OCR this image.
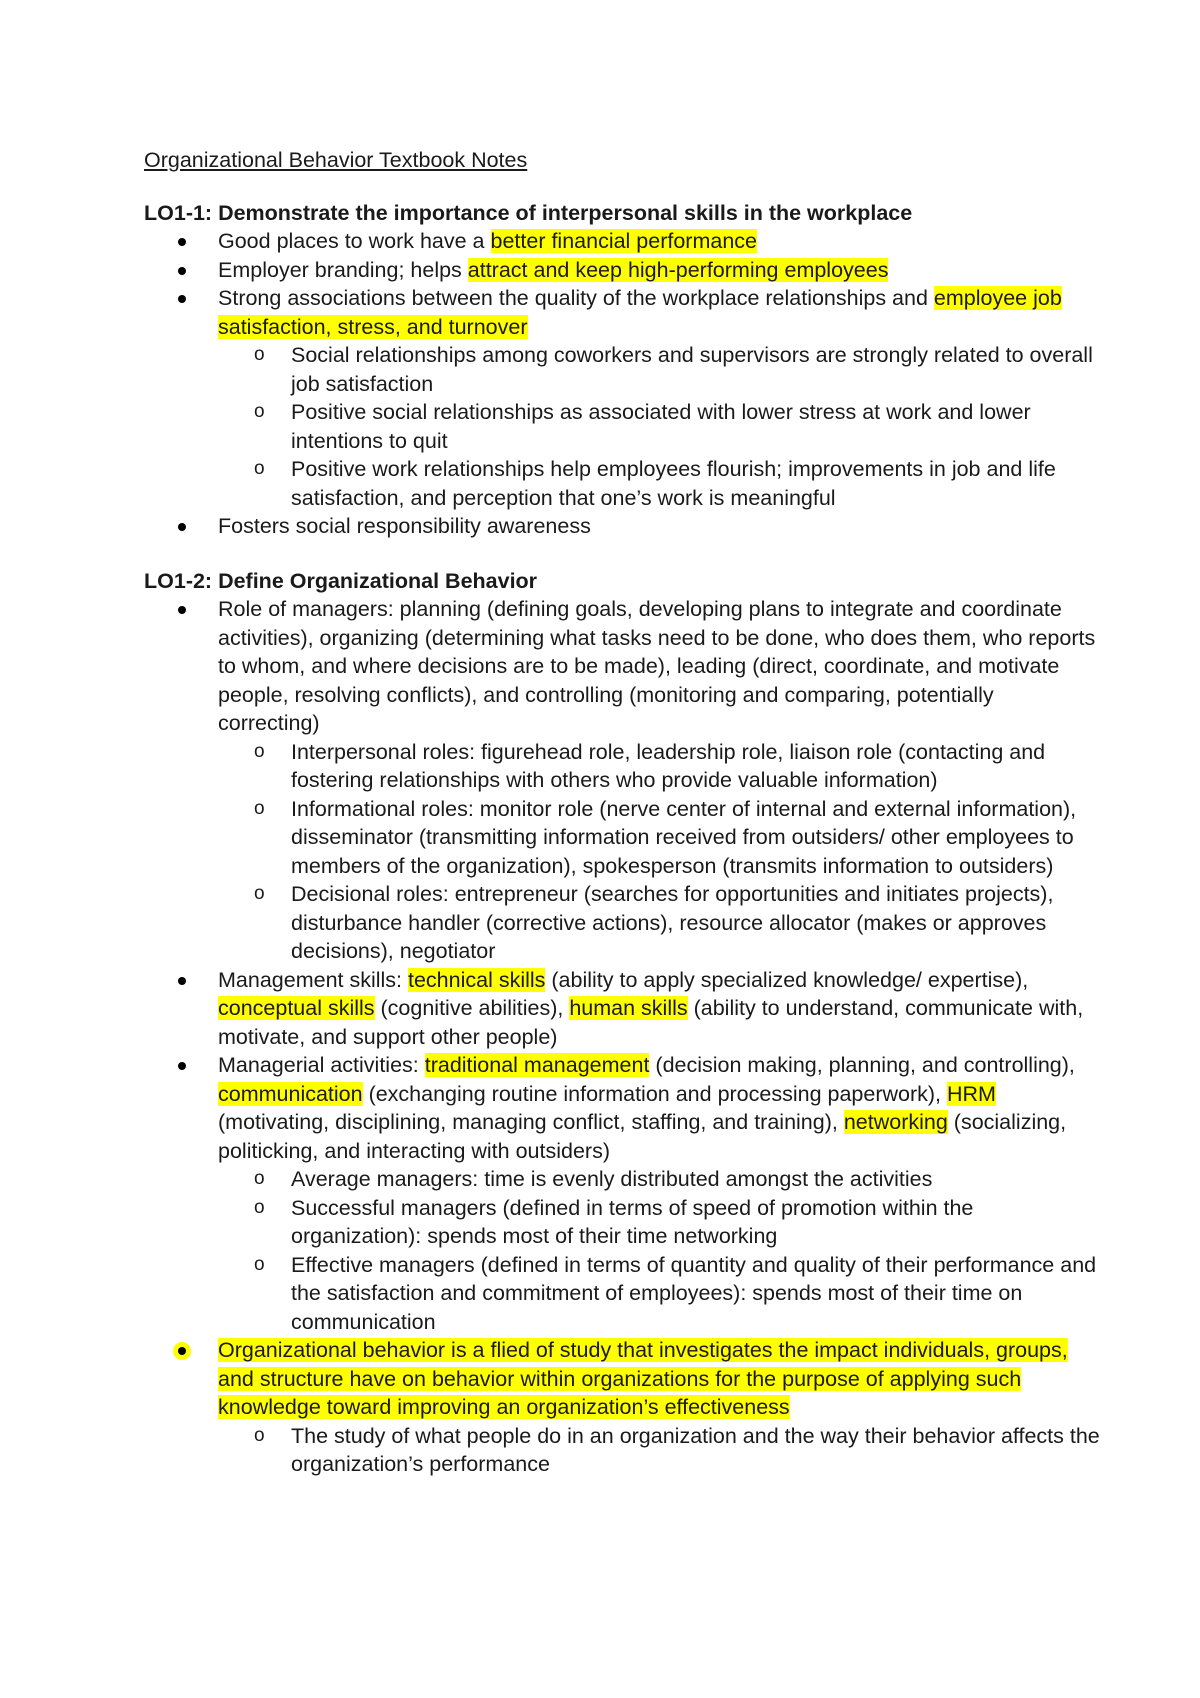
Organizational Behavior Textbook Notes
LO1-1: Demonstrate the importance of interpersonal skills in the workplace
Good places to work have a better financial performance
Employer branding; helps attract and keep high-performing employees
Strong associations between the quality of the workplace relationships and employee job satisfaction, stress, and turnover
o Social relationships among coworkers and supervisors are strongly related to overall job satisfaction
o Positive social relationships as associated with lower stress at work and lower intentions to quit
o Positive work relationships help employees flourish; improvements in job and life satisfaction, and perception that one’s work is meaningful
Fosters social responsibility awareness
LO1-2: Define Organizational Behavior
Role of managers: planning (defining goals, developing plans to integrate and coordinate activities), organizing (determining what tasks need to be done, who does them, who reports to whom, and where decisions are to be made), leading (direct, coordinate, and motivate people, resolving conflicts), and controlling (monitoring and comparing, potentially correcting)
o Interpersonal roles: figurehead role, leadership role, liaison role (contacting and fostering relationships with others who provide valuable information)
o Informational roles: monitor role (nerve center of internal and external information), disseminator (transmitting information received from outsiders/ other employees to members of the organization), spokesperson (transmits information to outsiders)
o Decisional roles: entrepreneur (searches for opportunities and initiates projects), disturbance handler (corrective actions), resource allocator (makes or approves decisions), negotiator
Management skills: technical skills (ability to apply specialized knowledge/ expertise), conceptual skills (cognitive abilities), human skills (ability to understand, communicate with, motivate, and support other people)
Managerial activities: traditional management (decision making, planning, and controlling), communication (exchanging routine information and processing paperwork), HRM (motivating, disciplining, managing conflict, staffing, and training), networking (socializing, politicking, and interacting with outsiders)
o Average managers: time is evenly distributed amongst the activities
o Successful managers (defined in terms of speed of promotion within the organization): spends most of their time networking
o Effective managers (defined in terms of quantity and quality of their performance and the satisfaction and commitment of employees): spends most of their time on communication
Organizational behavior is a flied of study that investigates the impact individuals, groups, and structure have on behavior within organizations for the purpose of applying such knowledge toward improving an organization’s effectiveness
o The study of what people do in an organization and the way their behavior affects the organization’s performance
